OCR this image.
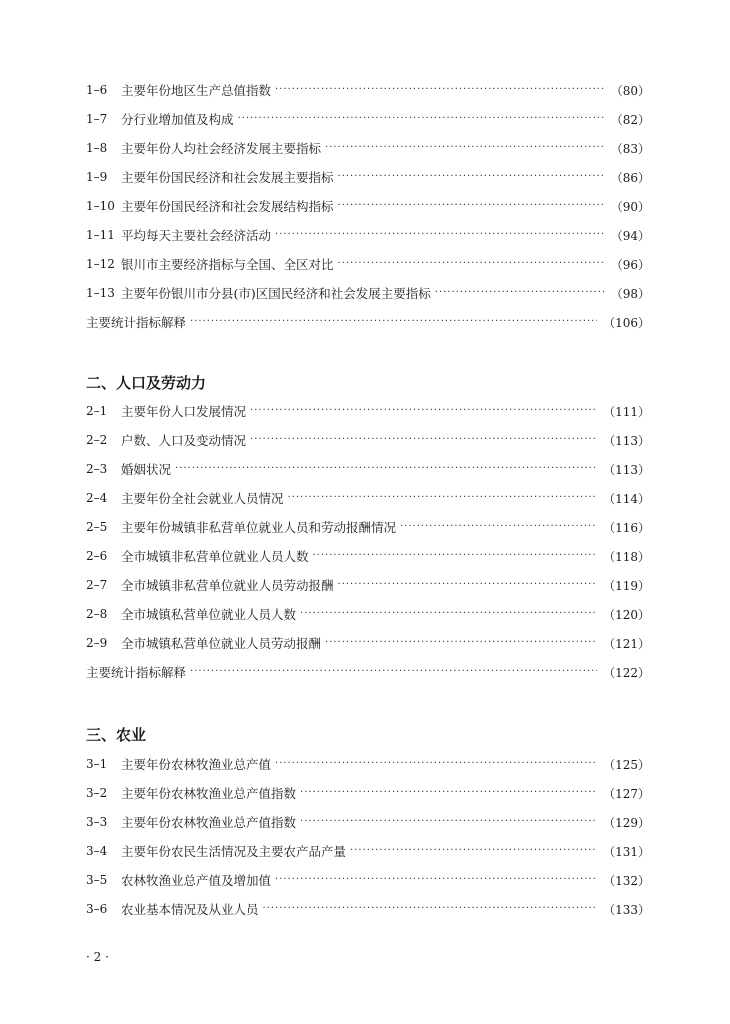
1–6	主要年份地区生产总值指数 ·····	（80）
1–7	分行业增加值及构成 ·····	（82）
1–8	主要年份人均社会经济发展主要指标 ·····	（83）
1–9	主要年份国民经济和社会发展主要指标 ·····	（86）
1–10 主要年份国民经济和社会发展结构指标 ·····	（90）
1–11 平均每天主要社会经济活动 ·····	（94）
1–12 银川市主要经济指标与全国、全区对比 ·····	（96）
1–13 主要年份银川市分县(市)区国民经济和社会发展主要指标 ·····	（98）
主要统计指标解释 ·····	（106）
二、人口及劳动力
2–1	主要年份人口发展情况 ·····	（111）
2–2	户数、人口及变动情况 ·····	（113）
2–3	婚姻状况 ·····	（113）
2–4	主要年份全社会就业人员情况 ·····	（114）
2–5	主要年份城镇非私营单位就业人员和劳动报酬情况 ·····	（116）
2–6	全市城镇非私营单位就业人员人数 ·····	（118）
2–7	全市城镇非私营单位就业人员劳动报酬 ·····	（119）
2–8	全市城镇私营单位就业人员人数 ·····	（120）
2–9	全市城镇私营单位就业人员劳动报酬 ·····	（121）
主要统计指标解释 ·····	（122）
三、农业
3–1	主要年份农林牧渔业总产值 ·····	（125）
3–2	主要年份农林牧渔业总产值指数 ·····	（127）
3–3	主要年份农林牧渔业总产值指数 ·····	（129）
3–4	主要年份农民生活情况及主要农产品产量 ·····	（131）
3–5	农林牧渔业总产值及增加值 ·····	（132）
3–6	农业基本情况及从业人员 ·····	（133）
· 2 ·
